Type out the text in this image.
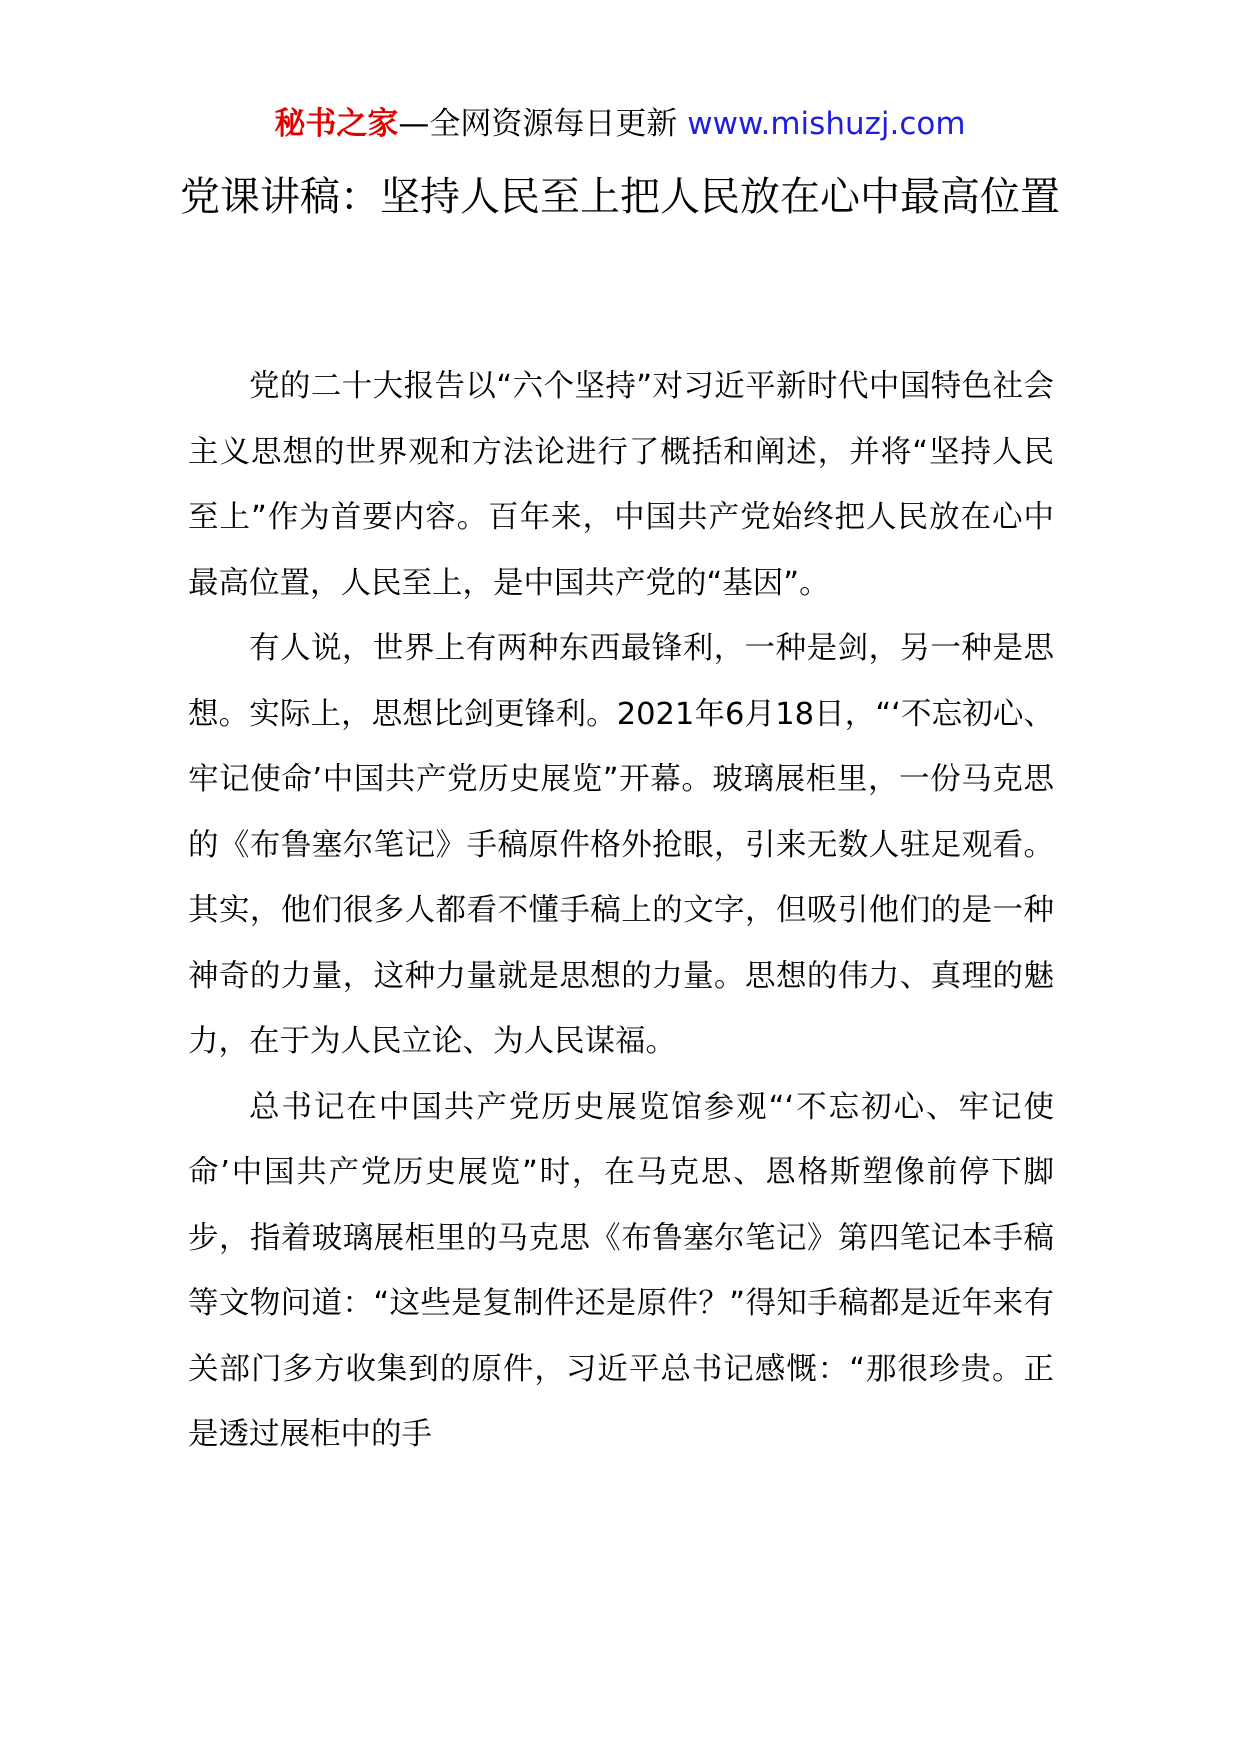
秘书之家—全网资源每日更新 www.mishuzj.com
党课讲稿：坚持人民至上把人民放在心中最高位置

党的二十大报告以“六个坚持”对习近平新时代中国特色社会主义思想的世界观和方法论进行了概括和阐述，并将“坚持人民至上”作为首要内容。百年来，中国共产党始终把人民放在心中最高位置，人民至上，是中国共产党的“基因”。

有人说，世界上有两种东西最锋利，一种是剑，另一种是思想。实际上，思想比剑更锋利。2021年6月18日，“‘不忘初心、牢记使命’中国共产党历史展览”开幕。玻璃展柜里，一份马克思的《布鲁塞尔笔记》手稿原件格外抢眼，引来无数人驻足观看。其实，他们很多人都看不懂手稿上的文字，但吸引他们的是一种神奇的力量，这种力量就是思想的力量。思想的伟力、真理的魅力，在于为人民立论、为人民谋福。

总书记在中国共产党历史展览馆参观“‘不忘初心、牢记使命’中国共产党历史展览”时，在马克思、恩格斯塑像前停下脚步，指着玻璃展柜里的马克思《布鲁塞尔笔记》第四笔记本手稿等文物问道：“这些是复制件还是原件？”得知手稿都是近年来有关部门多方收集到的原件，习近平总书记感慨：“那很珍贵。正是透过展柜中的手
